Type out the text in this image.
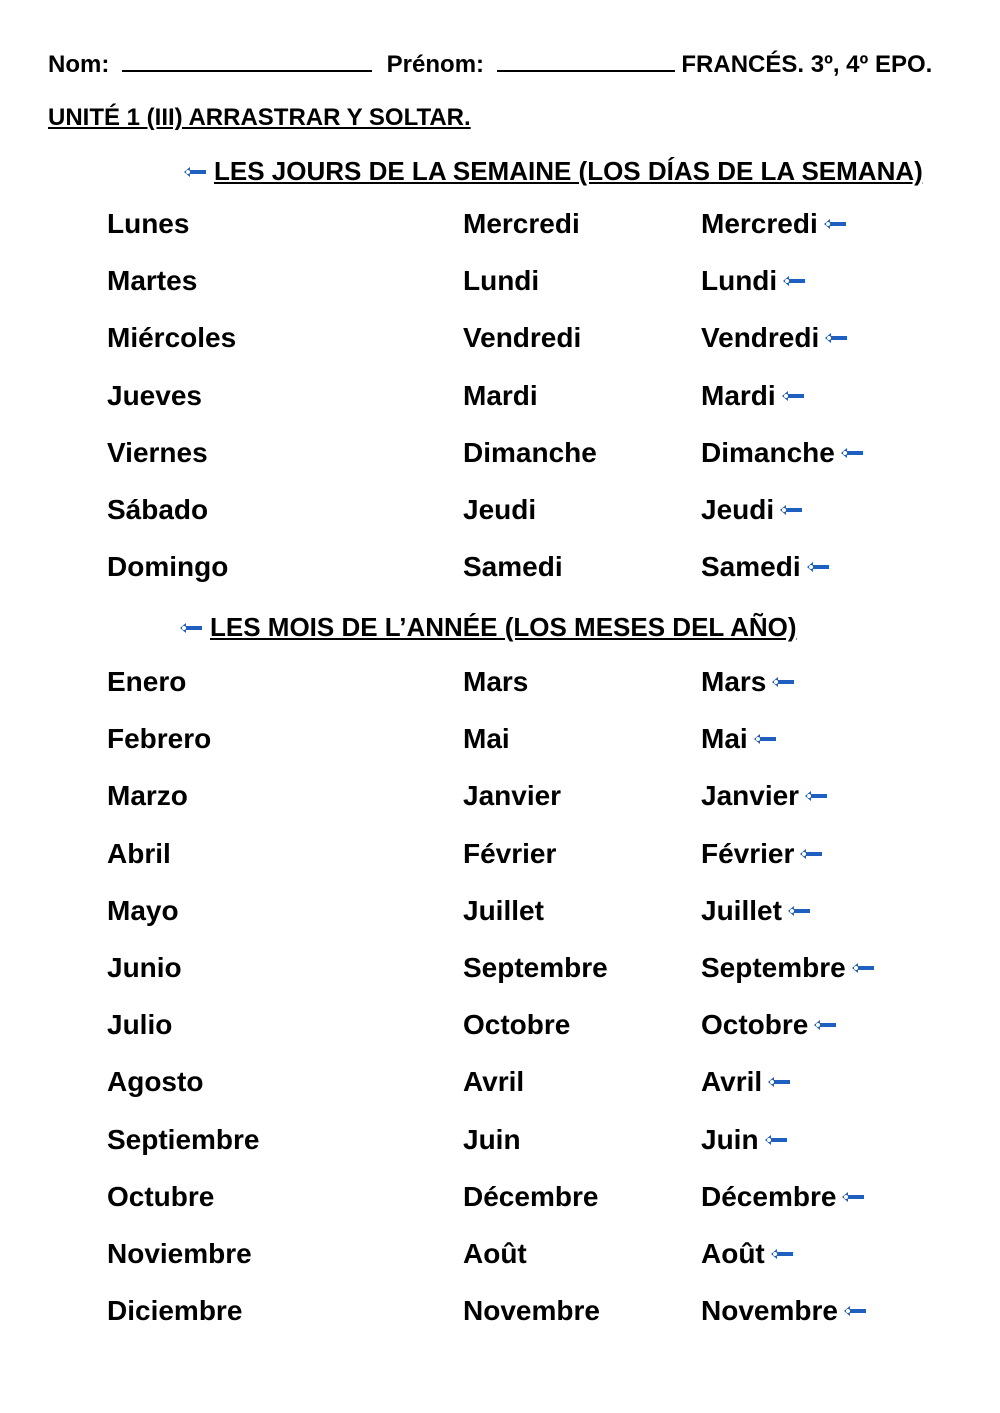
Nom:	Prénom:	FRANCÉS. 3º, 4º EPO.
UNITÉ 1 (III) ARRASTRAR Y SOLTAR.
LES JOURS DE LA SEMAINE (LOS DÍAS DE LA SEMANA)
Lunes	Mercredi	Mercredi
Martes	Lundi	Lundi
Miércoles	Vendredi	Vendredi
Jueves	Mardi	Mardi
Viernes	Dimanche	Dimanche
Sábado	Jeudi	Jeudi
Domingo	Samedi	Samedi
LES MOIS DE L’ANNÉE (LOS MESES DEL AÑO)
Enero	Mars	Mars
Febrero	Mai	Mai
Marzo	Janvier	Janvier
Abril	Février	Février
Mayo	Juillet	Juillet
Junio	Septembre	Septembre
Julio	Octobre	Octobre
Agosto	Avril	Avril
Septiembre	Juin	Juin
Octubre	Décembre	Décembre
Noviembre	Août	Août
Diciembre	Novembre	Novembre
